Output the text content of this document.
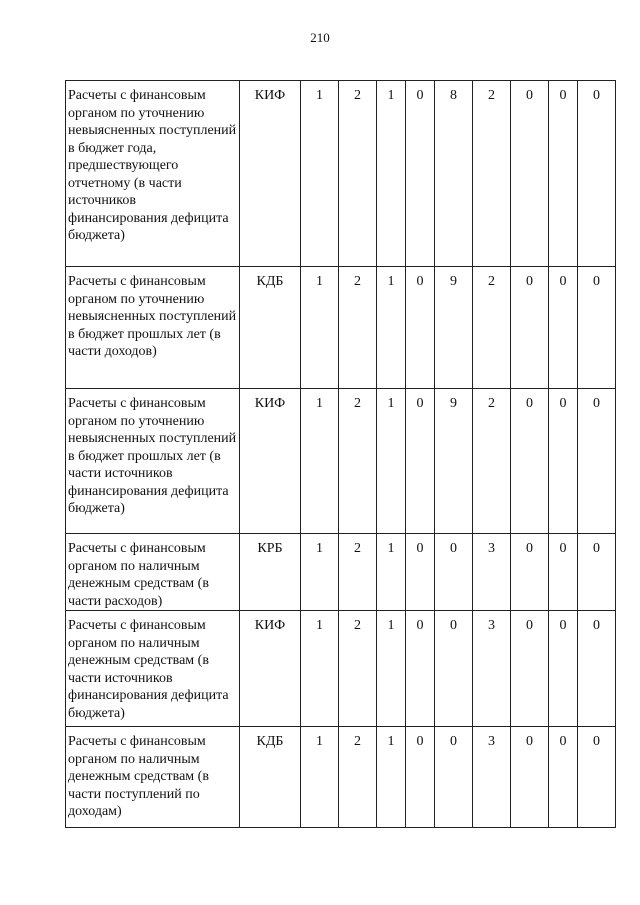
210
Расчеты с финансовым органом по уточнению невыясненных поступлений в бюджет года, предшествующего отчетному (в части источников финансирования дефицита бюджета)	КИФ	1	2	1	0	8	2	0	0	0
Расчеты с финансовым органом по уточнению невыясненных поступлений в бюджет прошлых лет (в части доходов)	КДБ	1	2	1	0	9	2	0	0	0
Расчеты с финансовым органом по уточнению невыясненных поступлений в бюджет прошлых лет (в части источников финансирования дефицита бюджета)	КИФ	1	2	1	0	9	2	0	0	0
Расчеты с финансовым органом по наличным денежным средствам (в части расходов)	КРБ	1	2	1	0	0	3	0	0	0
Расчеты с финансовым органом по наличным денежным средствам (в части источников финансирования дефицита бюджета)	КИФ	1	2	1	0	0	3	0	0	0
Расчеты с финансовым органом по наличным денежным средствам (в части поступлений по доходам)	КДБ	1	2	1	0	0	3	0	0	0
